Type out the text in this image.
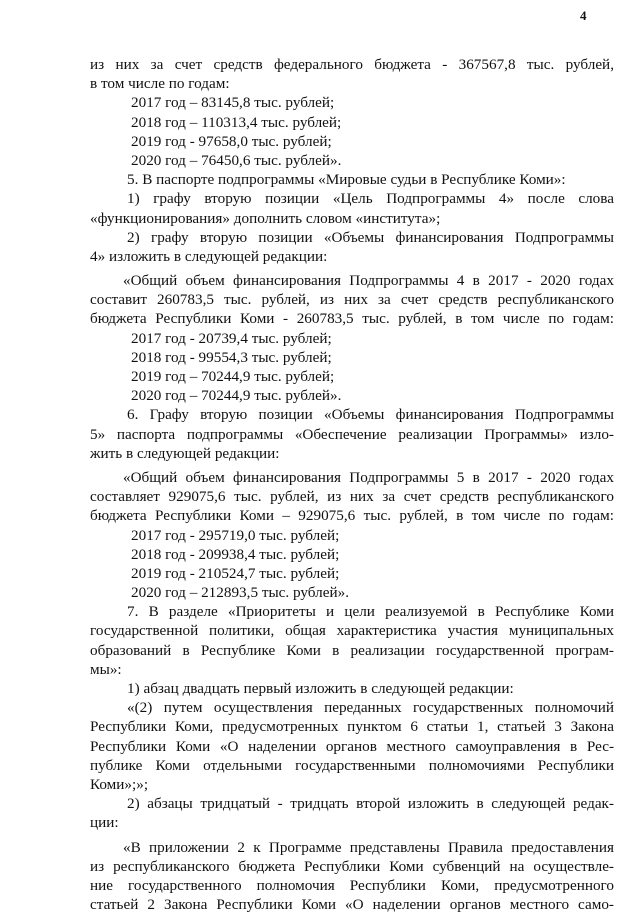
4
из них за счет средств федерального бюджета - 367567,8 тыс. рублей,
в том числе по годам:
2017 год – 83145,8 тыс. рублей;
2018 год – 110313,4 тыс. рублей;
2019 год - 97658,0 тыс. рублей;
2020 год – 76450,6 тыс. рублей».
5. В паспорте подпрограммы «Мировые судьи в Республике Коми»:
1) графу вторую позиции «Цель Подпрограммы 4» после слова
«функционирования» дополнить словом «института»;
2) графу вторую позиции «Объемы финансирования Подпрограммы
4» изложить в следующей редакции:
«Общий объем финансирования Подпрограммы 4 в 2017 - 2020 годах
составит 260783,5 тыс. рублей, из них за счет средств республиканского
бюджета Республики Коми - 260783,5 тыс. рублей, в том числе по годам:
2017 год - 20739,4 тыс. рублей;
2018 год - 99554,3 тыс. рублей;
2019 год – 70244,9 тыс. рублей;
2020 год – 70244,9 тыс. рублей».
6. Графу вторую позиции «Объемы финансирования Подпрограммы
5» паспорта подпрограммы «Обеспечение реализации Программы» изло-
жить в следующей редакции:
«Общий объем финансирования Подпрограммы 5 в 2017 - 2020 годах
составляет 929075,6 тыс. рублей, из них за счет средств республиканского
бюджета Республики Коми – 929075,6 тыс. рублей, в том числе по годам:
2017 год - 295719,0 тыс. рублей;
2018 год - 209938,4 тыс. рублей;
2019 год - 210524,7 тыс. рублей;
2020 год – 212893,5 тыс. рублей».
7. В разделе «Приоритеты и цели реализуемой в Республике Коми
государственной политики, общая характеристика участия муниципальных
образований в Республике Коми в реализации государственной програм-
мы»:
1) абзац двадцать первый изложить в следующей редакции:
«(2) путем осуществления переданных государственных полномочий
Республики Коми, предусмотренных пунктом 6 статьи 1, статьей 3 Закона
Республики Коми «О наделении органов местного самоуправления в Рес-
публике Коми отдельными государственными полномочиями Республики
Коми»;»;
2) абзацы тридцатый - тридцать второй изложить в следующей редак-
ции:
«В приложении 2 к Программе представлены Правила предоставления
из республиканского бюджета Республики Коми субвенций на осуществле-
ние государственного полномочия Республики Коми, предусмотренного
статьей 2 Закона Республики Коми «О наделении органов местного само-
